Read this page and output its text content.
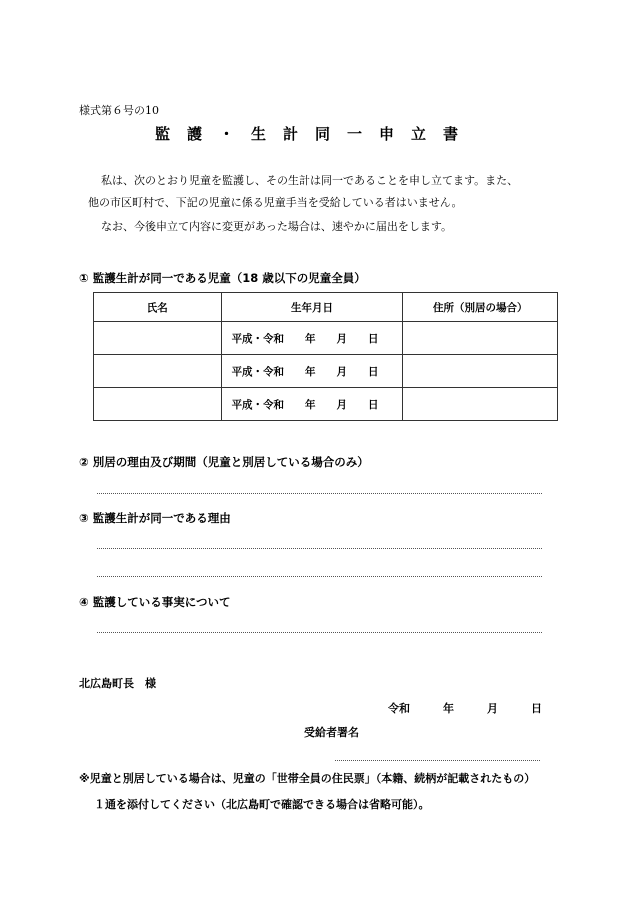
様式第６号の10
監護・生計同一申立書
私は、次のとおり児童を監護し、その生計は同一であることを申し立てます。また、
他の市区町村で、下記の児童に係る児童手当を受給している者はいません。
なお、今後申立て内容に変更があった場合は、速やかに届出をします。
① 監護生計が同一である児童（18 歳以下の児童全員）
氏名	生年月日	住所（別居の場合）
	平成・令和　　年　　月　　日	
	平成・令和　　年　　月　　日	
	平成・令和　　年　　月　　日	
② 別居の理由及び期間（児童と別居している場合のみ）
③ 監護生計が同一である理由
④ 監護している事実について
北広島町長　様
令和　　　年　　　月　　　日
受給者署名
※児童と別居している場合は、児童の「世帯全員の住民票」（本籍、続柄が記載されたもの）
１通を添付してください（北広島町で確認できる場合は省略可能）。
